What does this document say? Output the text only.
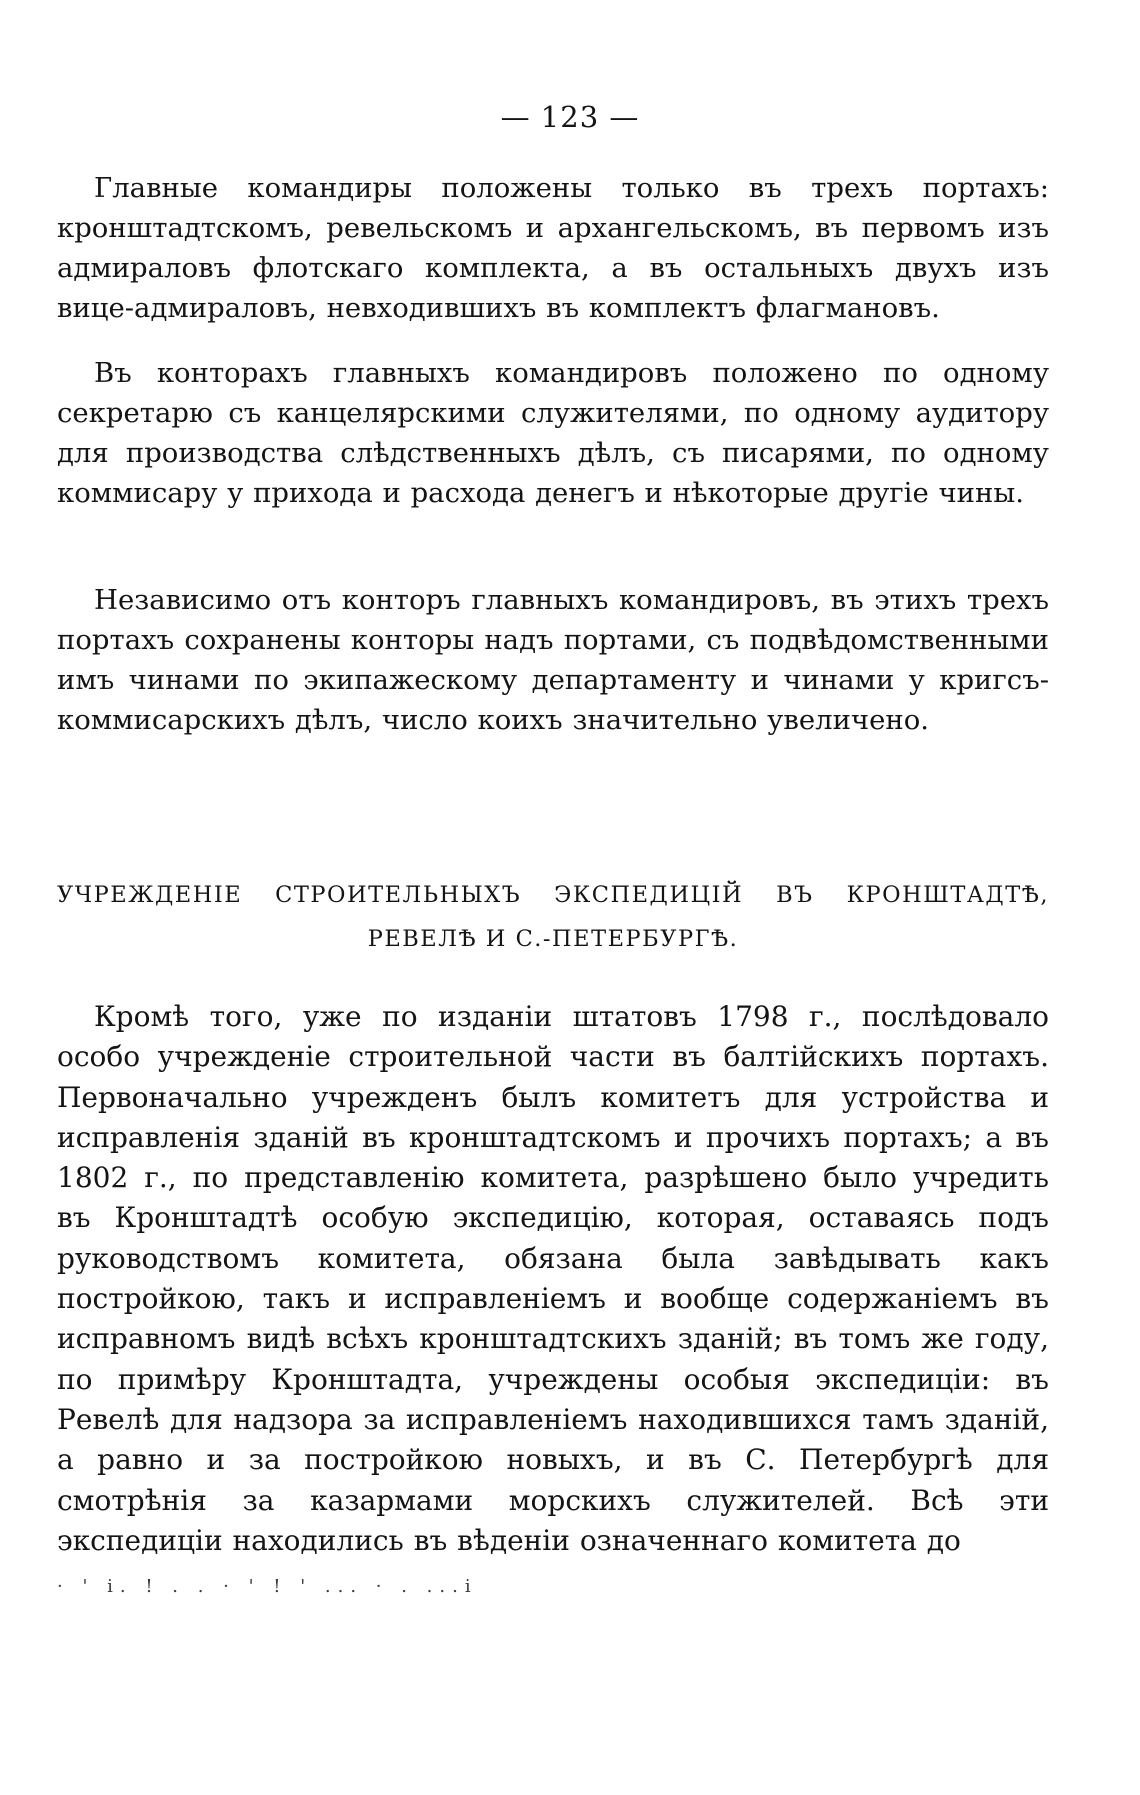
— 123 —

Главные командиры положены только въ трехъ портахъ: кронштадтскомъ, ревельскомъ и архангельскомъ, въ первомъ изъ адмираловъ флотскаго комплекта, а въ остальныхъ двухъ изъ вице-адмираловъ, невходившихъ въ комплектъ флагмановъ.

Въ конторахъ главныхъ командировъ положено по одному секретарю съ канцелярскими служителями, по одному аудитору для производства слѣдственныхъ дѣлъ, съ писарями, по одному коммисару у прихода и расхода денегъ и нѣкоторые другіе чины.

Независимо отъ конторъ главныхъ командировъ, въ этихъ трехъ портахъ сохранены конторы надъ портами, съ подвѣдомственными имъ чинами по экипажескому департаменту и чинами у кригсъ-коммисарскихъ дѣлъ, число коихъ значительно увеличено.

УЧРЕЖДЕНІЕ СТРОИТЕЛЬНЫХЪ ЭКСПЕДИЦІЙ ВЪ КРОНШТАДТѢ, РЕВЕЛѢ И С.-ПЕТЕРБУРГѢ.

Кромѣ того, уже по изданіи штатовъ 1798 г., послѣдовало особо учрежденіе строительной части въ балтійскихъ портахъ. Первоначально учрежденъ былъ комитетъ для устройства и исправленія зданій въ кронштадтскомъ и прочихъ портахъ; а въ 1802 г., по представленію комитета, разрѣшено было учредить въ Кронштадтѣ особую экспедицію, которая, оставаясь подъ руководствомъ комитета, обязана была завѣдывать какъ постройкою, такъ и исправленіемъ и вообще содержаніемъ въ исправномъ видѣ всѣхъ кронштадтскихъ зданій; въ томъ же году, по примѣру Кронштадта, учреждены особыя экспедиціи: въ Ревелѣ для надзора за исправленіемъ находившихся тамъ зданій, а равно и за постройкою новыхъ, и въ С. Петербургѣ для смотрѣнія за казармами морскихъ служителей. Всѣ эти экспедиціи находились въ вѣденіи означеннаго комитета до

· ' і. ! . . · ' ! ' ... · . ...і
